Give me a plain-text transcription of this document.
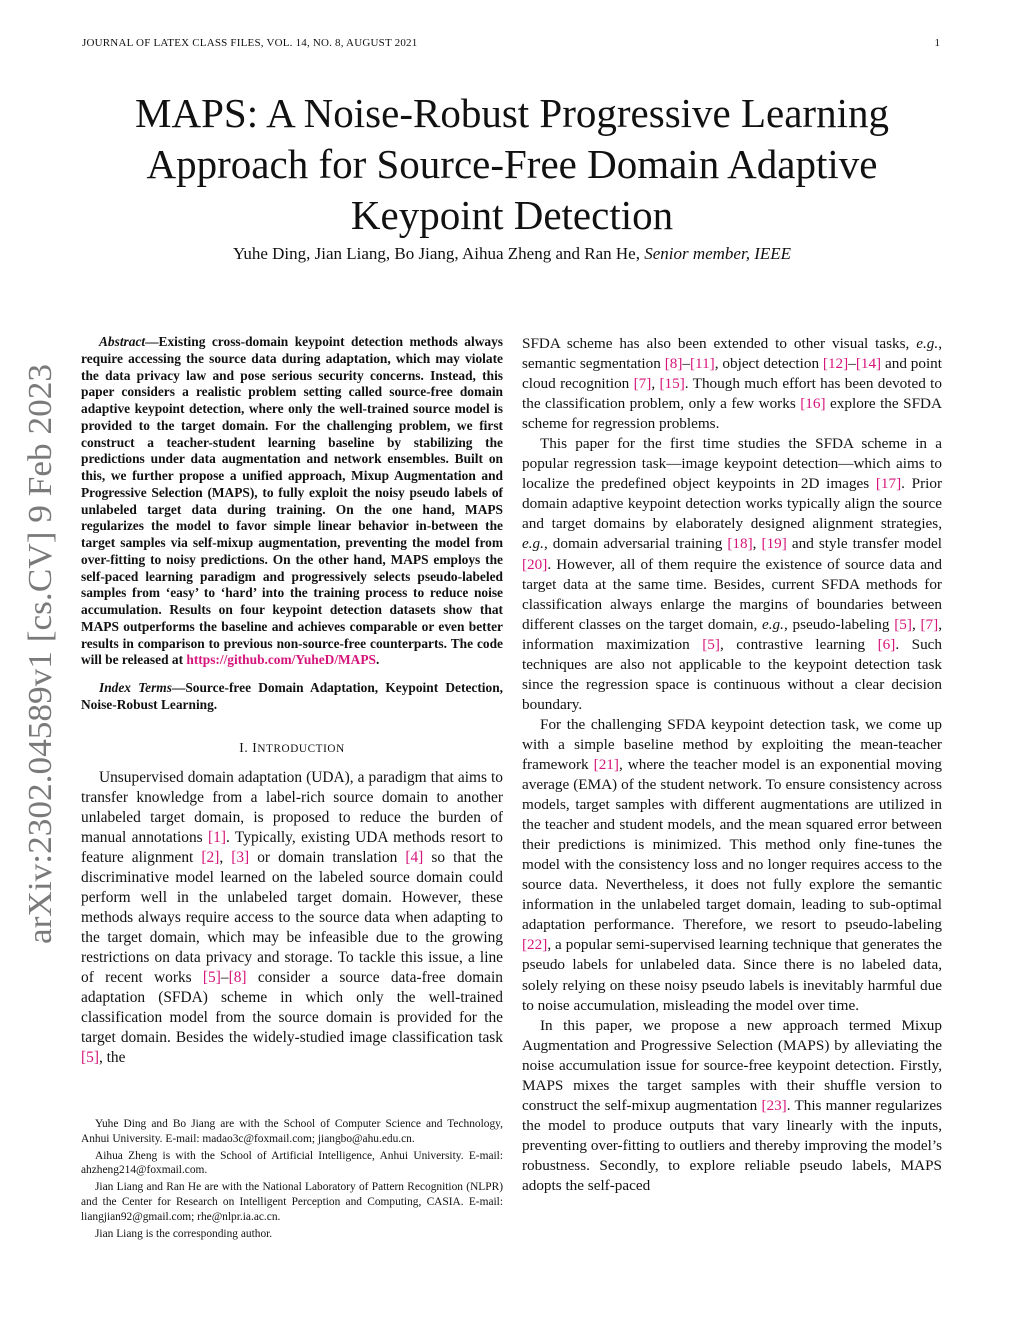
JOURNAL OF LATEX CLASS FILES, VOL. 14, NO. 8, AUGUST 2021	1
arXiv:2302.04589v1 [cs.CV] 9 Feb 2023
MAPS: A Noise-Robust Progressive Learning Approach for Source-Free Domain Adaptive Keypoint Detection
Yuhe Ding, Jian Liang, Bo Jiang, Aihua Zheng and Ran He, Senior member, IEEE

Abstract—Existing cross-domain keypoint detection methods always require accessing the source data during adaptation, which may violate the data privacy law and pose serious security concerns. Instead, this paper considers a realistic problem setting called source-free domain adaptive keypoint detection, where only the well-trained source model is provided to the target domain. For the challenging problem, we first construct a teacher-student learning baseline by stabilizing the predictions under data augmentation and network ensembles. Built on this, we further propose a unified approach, Mixup Augmentation and Progressive Selection (MAPS), to fully exploit the noisy pseudo labels of unlabeled target data during training. On the one hand, MAPS regularizes the model to favor simple linear behavior in-between the target samples via self-mixup augmentation, preventing the model from over-fitting to noisy predictions. On the other hand, MAPS employs the self-paced learning paradigm and progressively selects pseudo-labeled samples from ‘easy’ to ‘hard’ into the training process to reduce noise accumulation. Results on four keypoint detection datasets show that MAPS outperforms the baseline and achieves comparable or even better results in comparison to previous non-source-free counterparts. The code will be released at https://github.com/YuheD/MAPS.

Index Terms—Source-free Domain Adaptation, Keypoint Detection, Noise-Robust Learning.

I. INTRODUCTION

Unsupervised domain adaptation (UDA), a paradigm that aims to transfer knowledge from a label-rich source domain to another unlabeled target domain, is proposed to reduce the burden of manual annotations [1]. Typically, existing UDA methods resort to feature alignment [2], [3] or domain translation [4] so that the discriminative model learned on the labeled source domain could perform well in the unlabeled target domain. However, these methods always require access to the source data when adapting to the target domain, which may be infeasible due to the growing restrictions on data privacy and storage. To tackle this issue, a line of recent works [5]–[8] consider a source data-free domain adaptation (SFDA) scheme in which only the well-trained classification model from the source domain is provided for the target domain. Besides the widely-studied image classification task [5], the

Yuhe Ding and Bo Jiang are with the School of Computer Science and Technology, Anhui University. E-mail: madao3c@foxmail.com; jiangbo@ahu.edu.cn.

Aihua Zheng is with the School of Artificial Intelligence, Anhui University. E-mail: ahzheng214@foxmail.com.

Jian Liang and Ran He are with the National Laboratory of Pattern Recognition (NLPR) and the Center for Research on Intelligent Perception and Computing, CASIA. E-mail: liangjian92@gmail.com; rhe@nlpr.ia.ac.cn.

Jian Liang is the corresponding author.

SFDA scheme has also been extended to other visual tasks, e.g., semantic segmentation [8]–[11], object detection [12]–[14] and point cloud recognition [7], [15]. Though much effort has been devoted to the classification problem, only a few works [16] explore the SFDA scheme for regression problems.

This paper for the first time studies the SFDA scheme in a popular regression task—image keypoint detection—which aims to localize the predefined object keypoints in 2D images [17]. Prior domain adaptive keypoint detection works typically align the source and target domains by elaborately designed alignment strategies, e.g., domain adversarial training [18], [19] and style transfer model [20]. However, all of them require the existence of source data and target data at the same time. Besides, current SFDA methods for classification always enlarge the margins of boundaries between different classes on the target domain, e.g., pseudo-labeling [5], [7], information maximization [5], contrastive learning [6]. Such techniques are also not applicable to the keypoint detection task since the regression space is continuous without a clear decision boundary.

For the challenging SFDA keypoint detection task, we come up with a simple baseline method by exploiting the mean-teacher framework [21], where the teacher model is an exponential moving average (EMA) of the student network. To ensure consistency across models, target samples with different augmentations are utilized in the teacher and student models, and the mean squared error between their predictions is minimized. This method only fine-tunes the model with the consistency loss and no longer requires access to the source data. Nevertheless, it does not fully explore the semantic information in the unlabeled target domain, leading to sub-optimal adaptation performance. Therefore, we resort to pseudo-labeling [22], a popular semi-supervised learning technique that generates the pseudo labels for unlabeled data. Since there is no labeled data, solely relying on these noisy pseudo labels is inevitably harmful due to noise accumulation, misleading the model over time.

In this paper, we propose a new approach termed Mixup Augmentation and Progressive Selection (MAPS) by alleviating the noise accumulation issue for source-free keypoint detection. Firstly, MAPS mixes the target samples with their shuffle version to construct the self-mixup augmentation [23]. This manner regularizes the model to produce outputs that vary linearly with the inputs, preventing over-fitting to outliers and thereby improving the model’s robustness. Secondly, to explore reliable pseudo labels, MAPS adopts the self-paced
